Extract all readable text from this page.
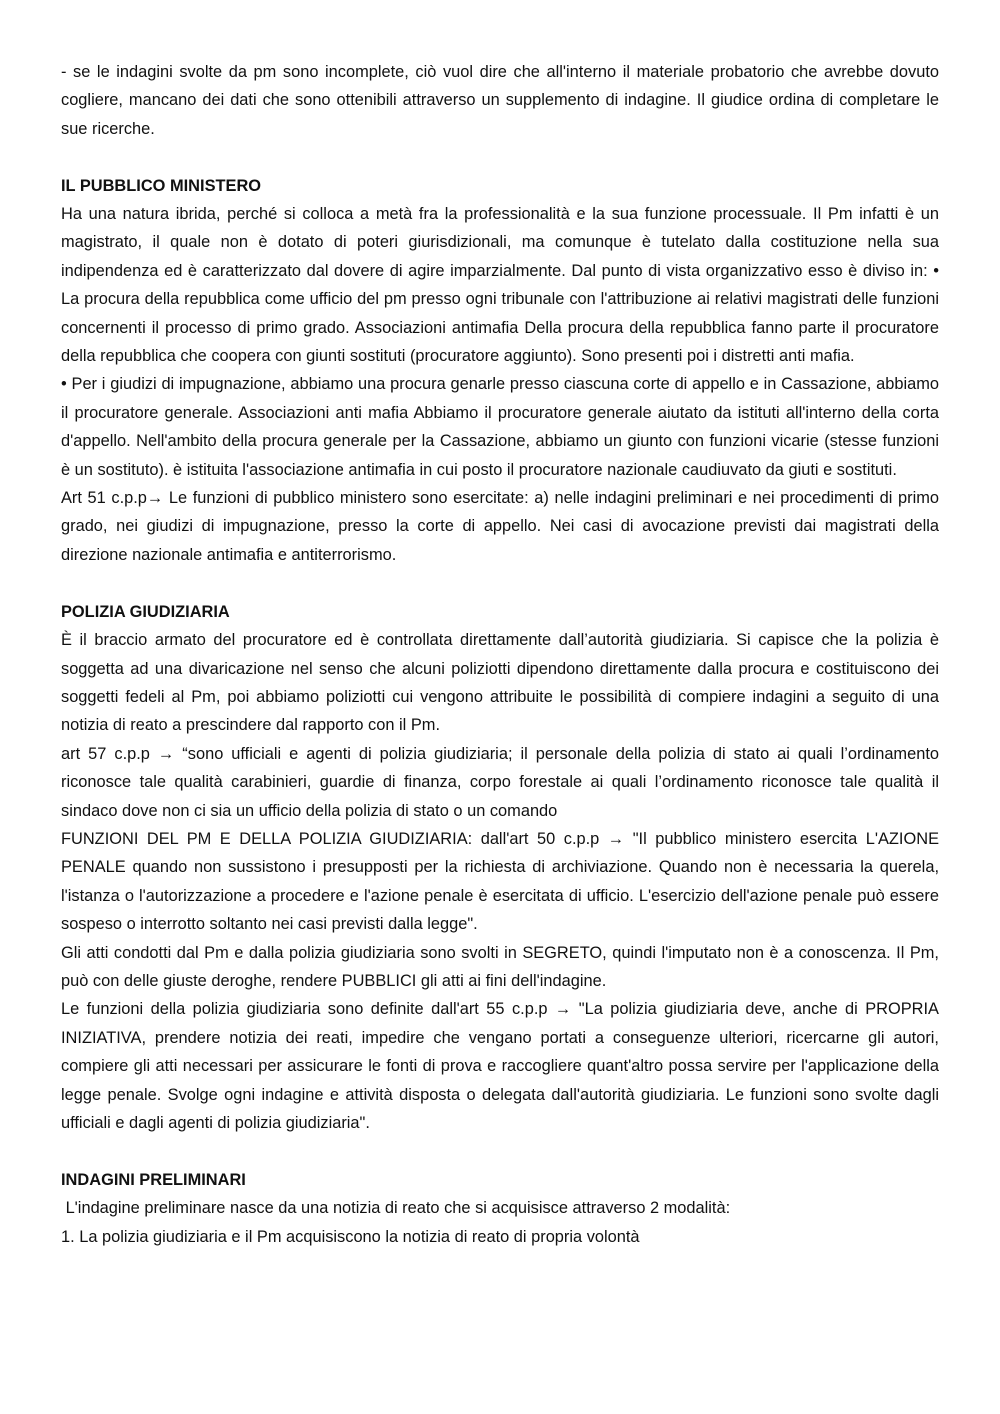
- se le indagini svolte da pm sono incomplete, ciò vuol dire che all'interno il materiale probatorio che avrebbe dovuto cogliere, mancano dei dati che sono ottenibili attraverso un supplemento di indagine. Il giudice ordina di completare le sue ricerche.

IL PUBBLICO MINISTERO

Ha una natura ibrida, perché si colloca a metà fra la professionalità e la sua funzione processuale. Il Pm infatti è un magistrato, il quale non è dotato di poteri giurisdizionali, ma comunque è tutelato dalla costituzione nella sua indipendenza ed è caratterizzato dal dovere di agire imparzialmente. Dal punto di vista organizzativo esso è diviso in: • La procura della repubblica come ufficio del pm presso ogni tribunale con l'attribuzione ai relativi magistrati delle funzioni concernenti il processo di primo grado. Associazioni antimafia Della procura della repubblica fanno parte il procuratore della repubblica che coopera con giunti sostituti (procuratore aggiunto). Sono presenti poi i distretti anti mafia.

• Per i giudizi di impugnazione, abbiamo una procura genarle presso ciascuna corte di appello e in Cassazione, abbiamo il procuratore generale. Associazioni anti mafia Abbiamo il procuratore generale aiutato da istituti all'interno della corta d'appello. Nell'ambito della procura generale per la Cassazione, abbiamo un giunto con funzioni vicarie (stesse funzioni è un sostituto). è istituita l'associazione antimafia in cui posto il procuratore nazionale caudiuvato da giuti e sostituti.

Art 51 c.p.p→ Le funzioni di pubblico ministero sono esercitate: a) nelle indagini preliminari e nei procedimenti di primo grado, nei giudizi di impugnazione, presso la corte di appello. Nei casi di avocazione previsti dai magistrati della direzione nazionale antimafia e antiterrorismo.

POLIZIA GIUDIZIARIA

È il braccio armato del procuratore ed è controllata direttamente dall’autorità giudiziaria. Si capisce che la polizia è soggetta ad una divaricazione nel senso che alcuni poliziotti dipendono direttamente dalla procura e costituiscono dei soggetti fedeli al Pm, poi abbiamo poliziotti cui vengono attribuite le possibilità di compiere indagini a seguito di una notizia di reato a prescindere dal rapporto con il Pm.

art 57 c.p.p → “sono ufficiali e agenti di polizia giudiziaria; il personale della polizia di stato ai quali l’ordinamento riconosce tale qualità carabinieri, guardie di finanza, corpo forestale ai quali l’ordinamento riconosce tale qualità il sindaco dove non ci sia un ufficio della polizia di stato o un comando

FUNZIONI DEL PM E DELLA POLIZIA GIUDIZIARIA: dall'art 50 c.p.p → "Il pubblico ministero esercita L'AZIONE PENALE quando non sussistono i presupposti per la richiesta di archiviazione. Quando non è necessaria la querela, l'istanza o l'autorizzazione a procedere e l'azione penale è esercitata di ufficio. L'esercizio dell'azione penale può essere sospeso o interrotto soltanto nei casi previsti dalla legge".

Gli atti condotti dal Pm e dalla polizia giudiziaria sono svolti in SEGRETO, quindi l'imputato non è a conoscenza. Il Pm, può con delle giuste deroghe, rendere PUBBLICI gli atti ai fini dell'indagine.

Le funzioni della polizia giudiziaria sono definite dall'art 55 c.p.p → "La polizia giudiziaria deve, anche di PROPRIA INIZIATIVA, prendere notizia dei reati, impedire che vengano portati a conseguenze ulteriori, ricercarne gli autori, compiere gli atti necessari per assicurare le fonti di prova e raccogliere quant'altro possa servire per l'applicazione della legge penale. Svolge ogni indagine e attività disposta o delegata dall'autorità giudiziaria. Le funzioni sono svolte dagli ufficiali e dagli agenti di polizia giudiziaria".

INDAGINI PRELIMINARI

L'indagine preliminare nasce da una notizia di reato che si acquisisce attraverso 2 modalità:

1. La polizia giudiziaria e il Pm acquisiscono la notizia di reato di propria volontà
